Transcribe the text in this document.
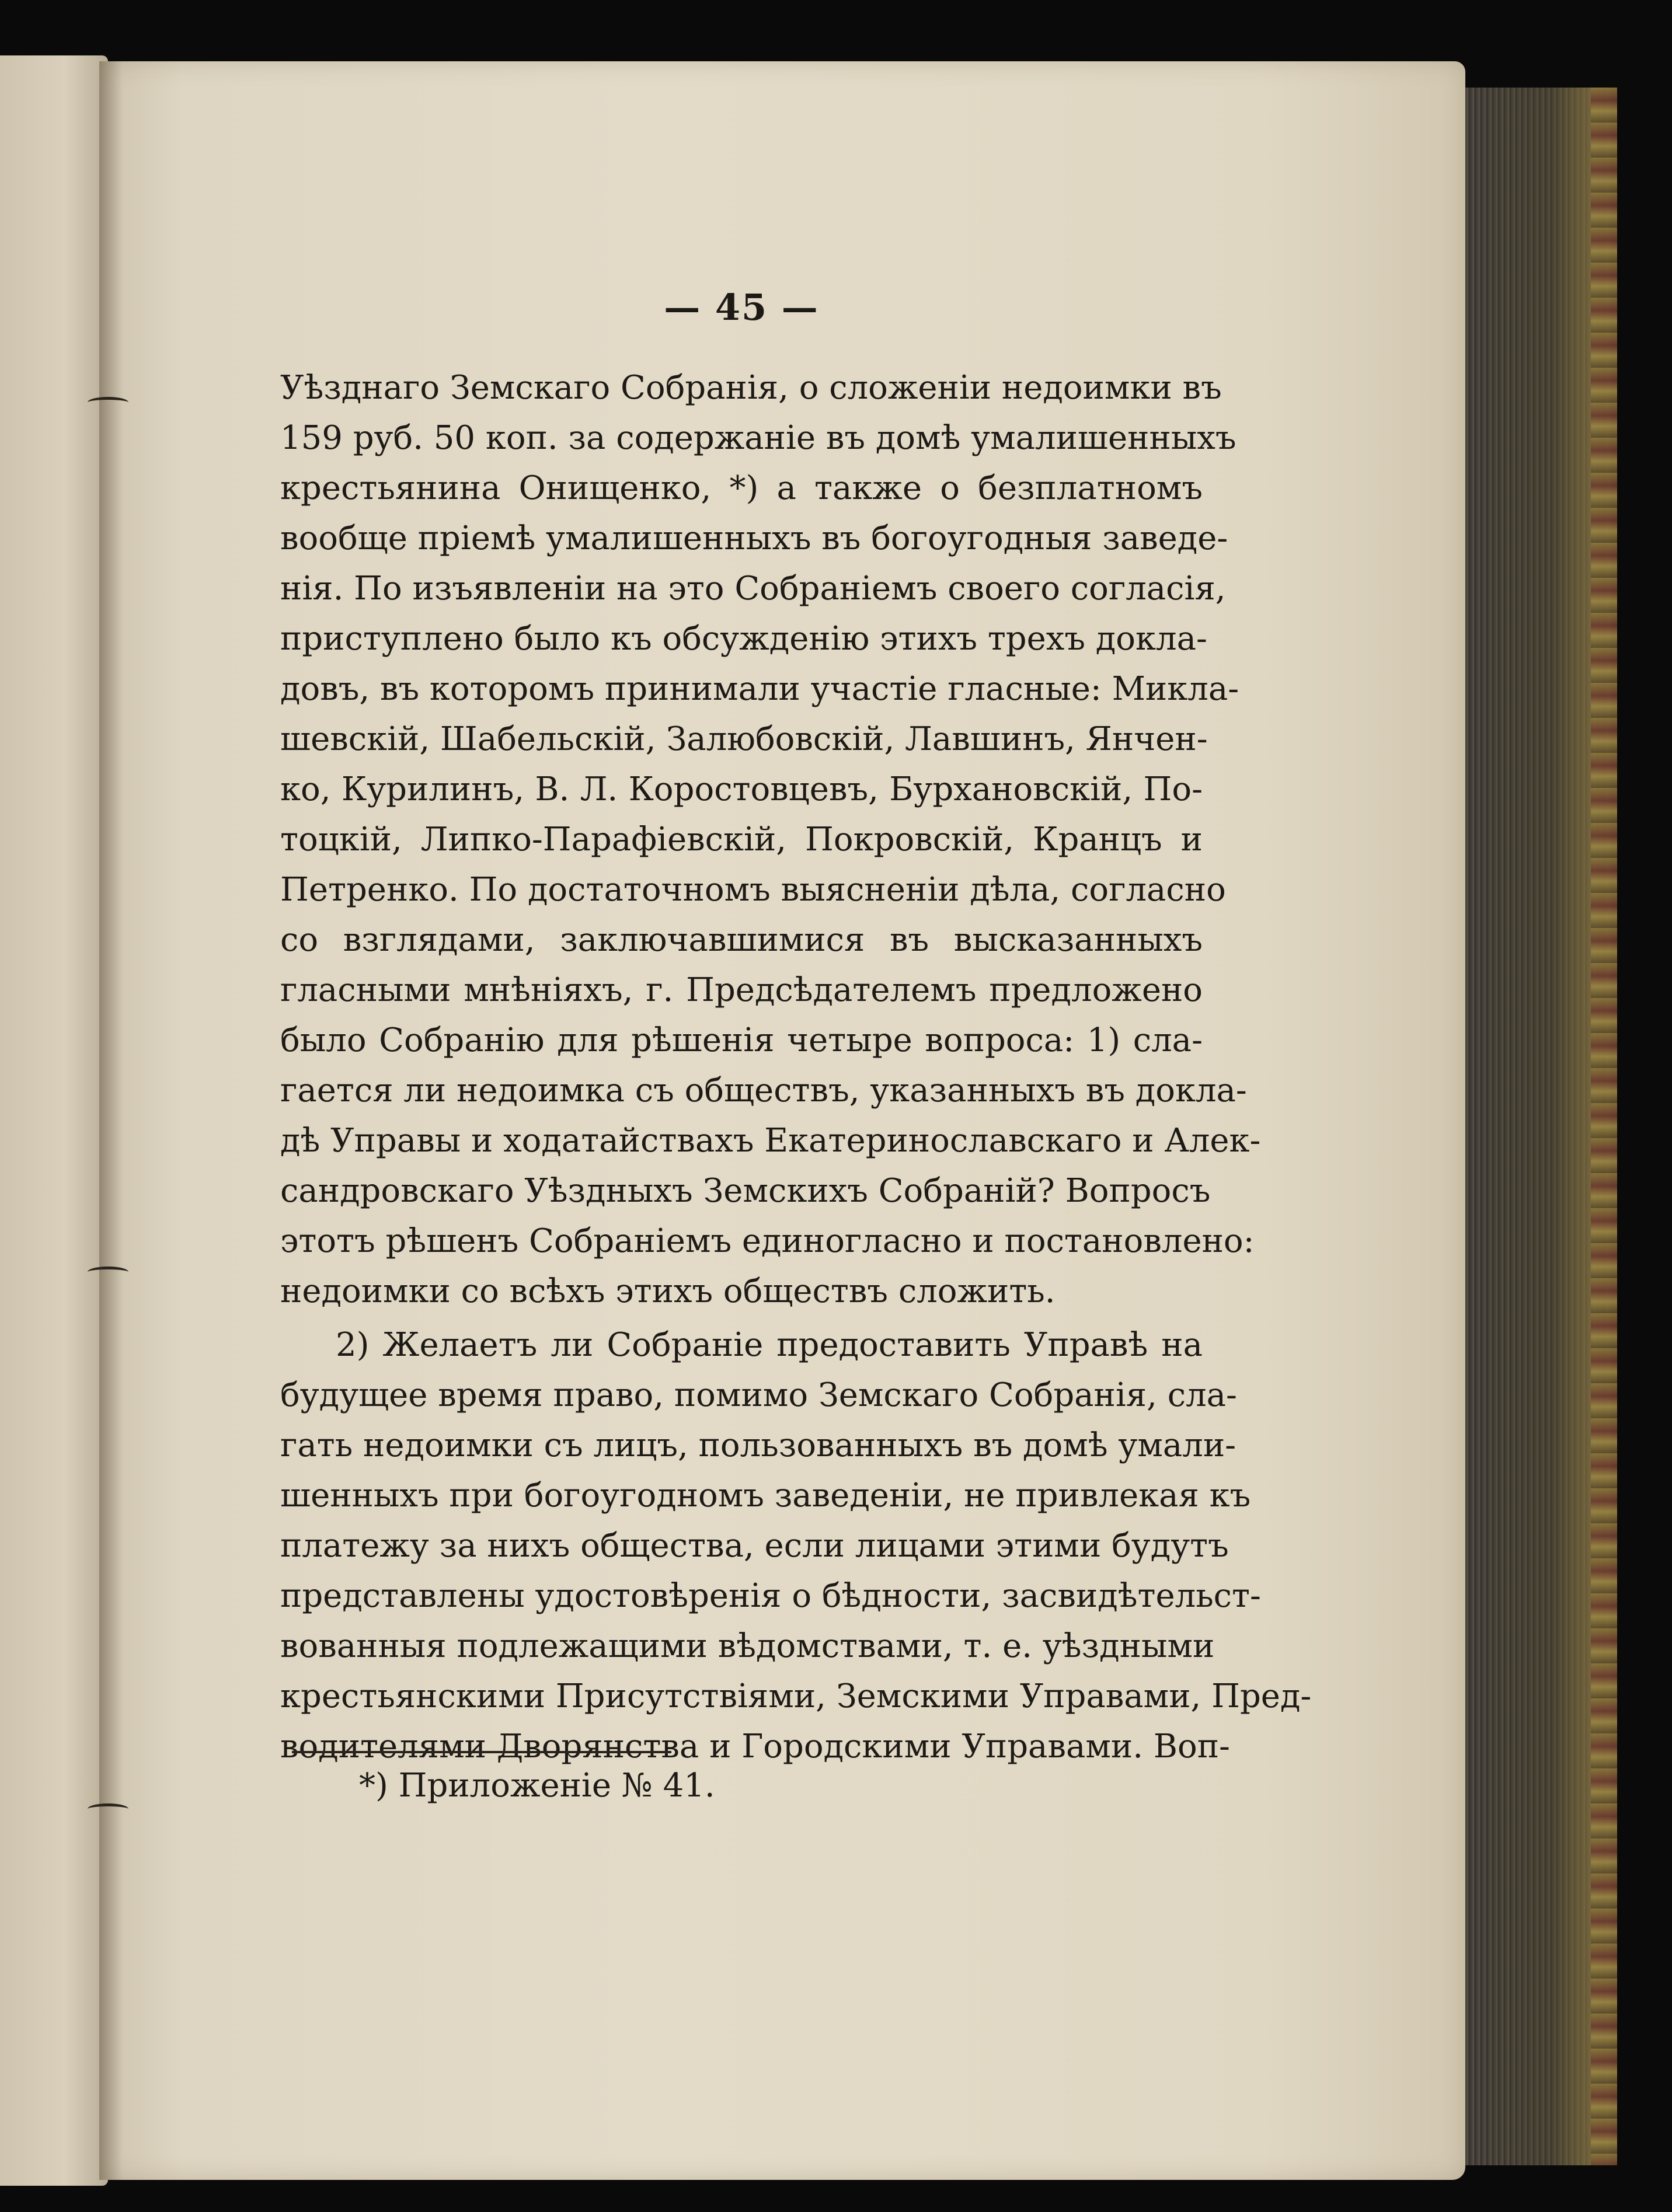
— 45 —
Уѣзднаго Земскаго Собранія, о сложеніи недоимки въ
159 руб. 50 коп. за содержаніе въ домѣ умалишенныхъ
крестьянина Онищенко, *) а также о безплатномъ
вообще пріемѣ умалишенныхъ въ богоугодныя заведе-
нія. По изъявленіи на это Собраніемъ своего согласія,
приступлено было къ обсужденію этихъ трехъ докла-
довъ, въ которомъ принимали участіе гласные: Микла-
шевскій, Шабельскій, Залюбовскій, Лавшинъ, Янчен-
ко, Курилинъ, В. Л. Коростовцевъ, Бурхановскій, По-
тоцкій, Липко-Парафіевскій, Покровскій, Кранцъ и
Петренко. По достаточномъ выясненіи дѣла, согласно
со взглядами, заключавшимися въ высказанныхъ
гласными мнѣніяхъ, г. Предсѣдателемъ предложено
было Собранію для рѣшенія четыре вопроса: 1) сла-
гается ли недоимка съ обществъ, указанныхъ въ докла-
дѣ Управы и ходатайствахъ Екатеринославскаго и Алек-
сандровскаго Уѣздныхъ Земскихъ Собраній? Вопросъ
этотъ рѣшенъ Собраніемъ единогласно и постановлено:
недоимки со всѣхъ этихъ обществъ сложить.
2) Желаетъ ли Собраніе предоставить Управѣ на
будущее время право, помимо Земскаго Собранія, сла-
гать недоимки съ лицъ, пользованныхъ въ домѣ умали-
шенныхъ при богоугодномъ заведеніи, не привлекая къ
платежу за нихъ общества, если лицами этими будутъ
представлены удостовѣренія о бѣдности, засвидѣтельст-
вованныя подлежащими вѣдомствами, т. е. уѣздными
крестьянскими Присутствіями, Земскими Управами, Пред-
водителями Дворянства и Городскими Управами. Воп-
*) Приложеніе № 41.
